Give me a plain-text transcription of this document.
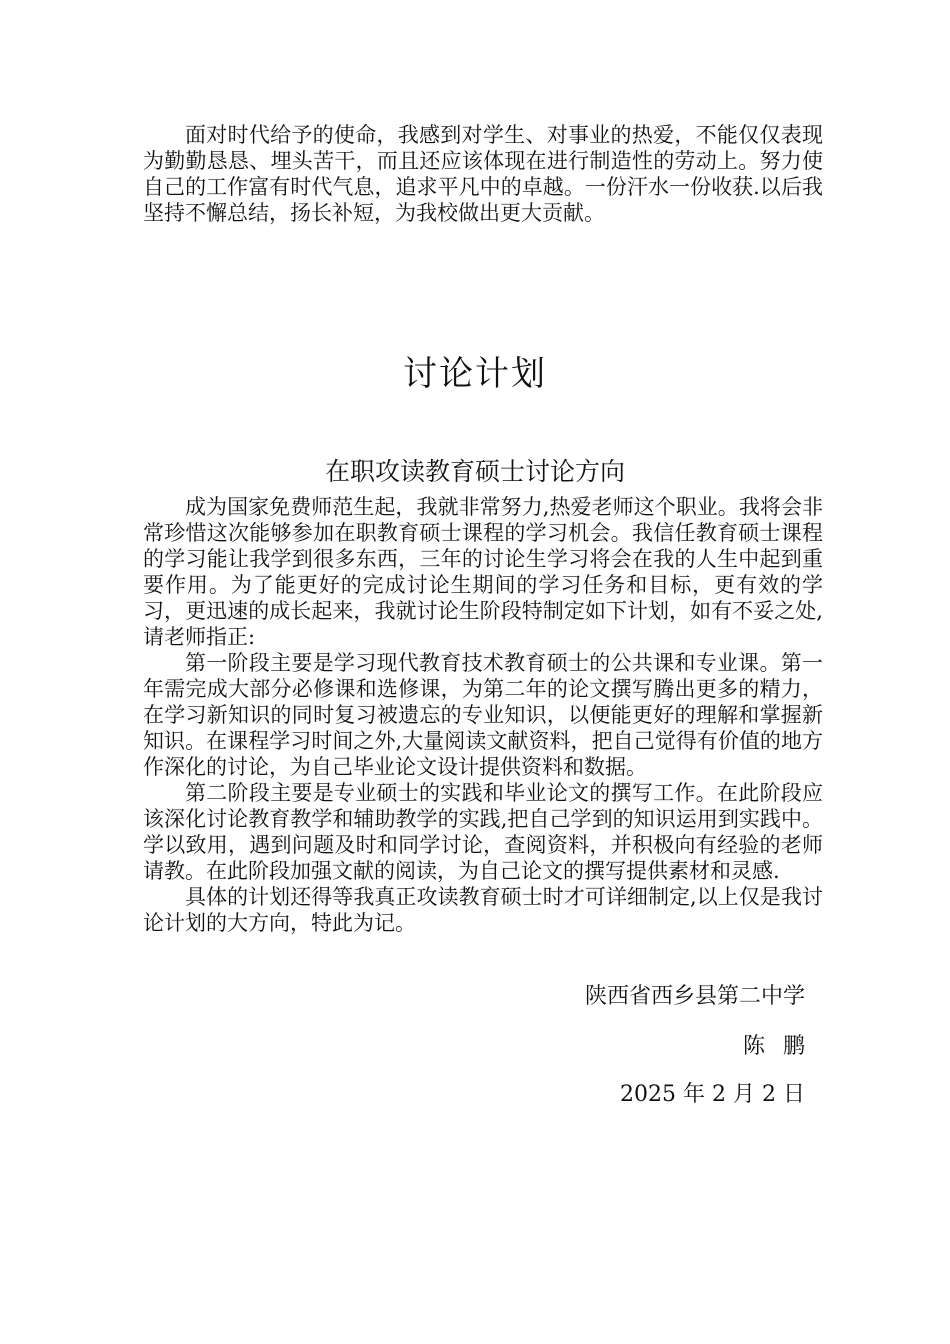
面对时代给予的使命，我感到对学生、对事业的热爱，不能仅仅表现为勤勤恳恳、埋头苦干，而且还应该体现在进行制造性的劳动上。努力使自己的工作富有时代气息，追求平凡中的卓越。一份汗水一份收获.以后我坚持不懈总结，扬长补短，为我校做出更大贡献。

讨论计划
在职攻读教育硕士讨论方向

成为国家免费师范生起，我就非常努力,热爱老师这个职业。我将会非常珍惜这次能够参加在职教育硕士课程的学习机会。我信任教育硕士课程的学习能让我学到很多东西，三年的讨论生学习将会在我的人生中起到重要作用。为了能更好的完成讨论生期间的学习任务和目标，更有效的学习，更迅速的成长起来，我就讨论生阶段特制定如下计划，如有不妥之处,请老师指正:

第一阶段主要是学习现代教育技术教育硕士的公共课和专业课。第一年需完成大部分必修课和选修课，为第二年的论文撰写腾出更多的精力，在学习新知识的同时复习被遗忘的专业知识，以便能更好的理解和掌握新知识。在课程学习时间之外,大量阅读文献资料，把自己觉得有价值的地方作深化的讨论，为自己毕业论文设计提供资料和数据。

第二阶段主要是专业硕士的实践和毕业论文的撰写工作。在此阶段应该深化讨论教育教学和辅助教学的实践,把自己学到的知识运用到实践中。学以致用，遇到问题及时和同学讨论，查阅资料，并积极向有经验的老师请教。在此阶段加强文献的阅读，为自己论文的撰写提供素材和灵感.

具体的计划还得等我真正攻读教育硕士时才可详细制定,以上仅是我讨论计划的大方向，特此为记。

陕西省西乡县第二中学
陈鹏
2025 年 2 月 2 日
